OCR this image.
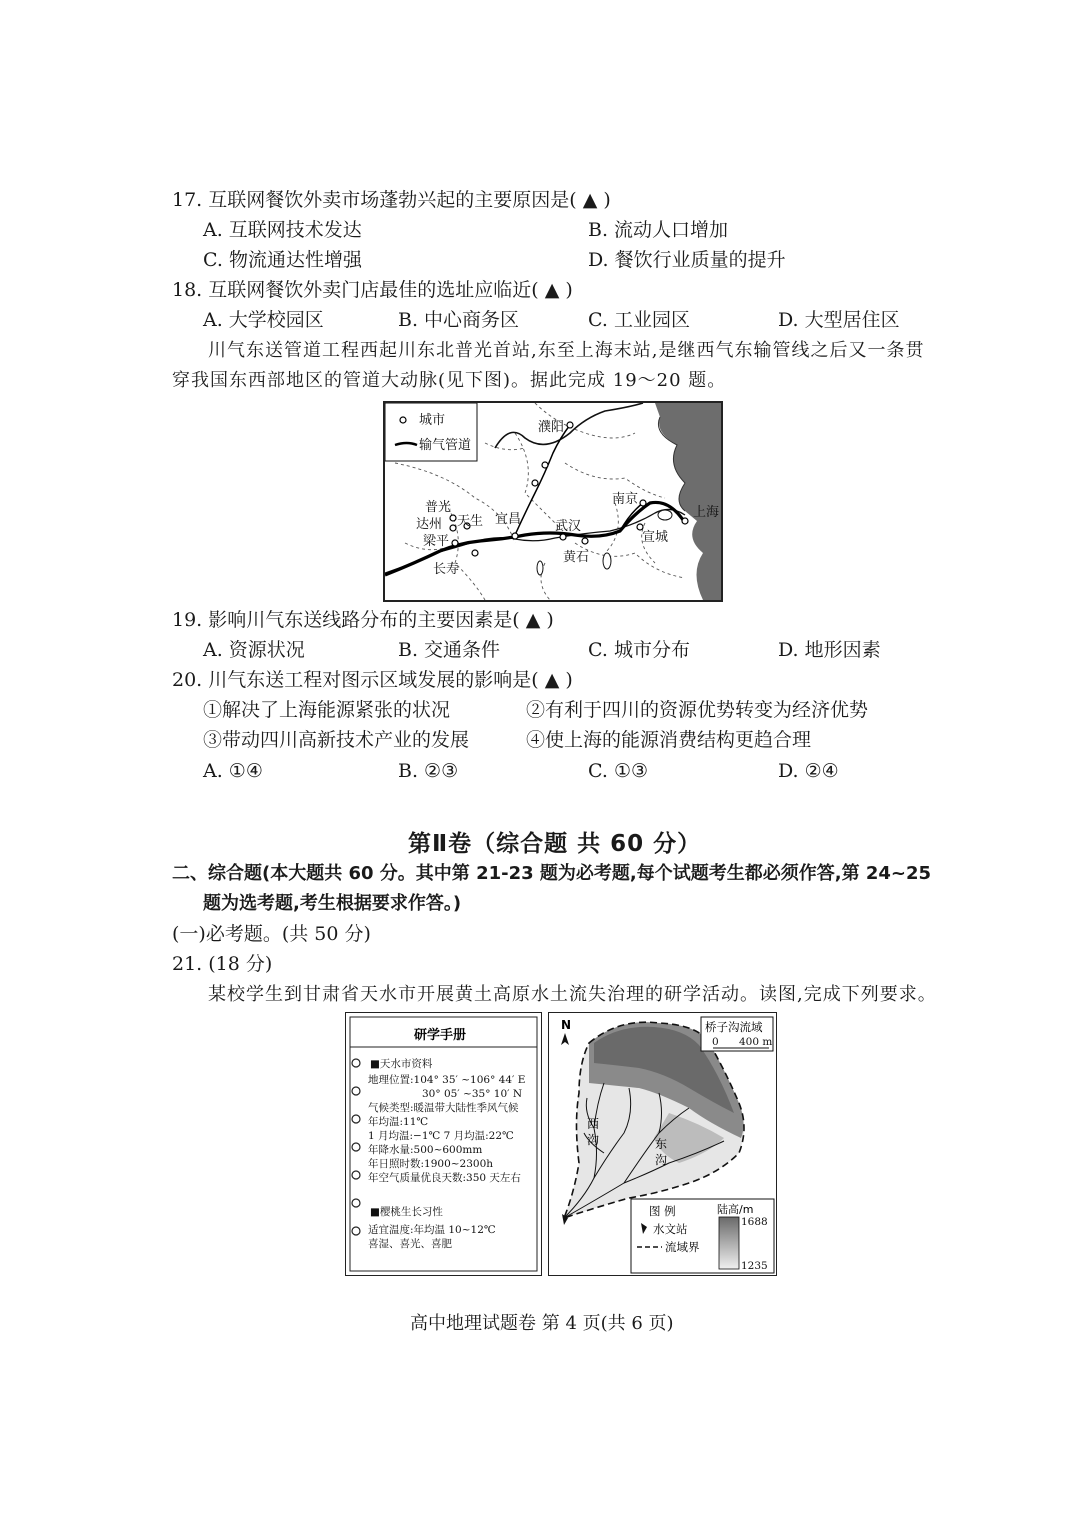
17. 互联网餐饮外卖市场蓬勃兴起的主要原因是( ▲ )
A. 互联网技术发达	B. 流动人口增加
C. 物流通达性增强	D. 餐饮行业质量的提升
18. 互联网餐饮外卖门店最佳的选址应临近( ▲ )
A. 大学校园区	B. 中心商务区	C. 工业园区	D. 大型居住区
川气东送管道工程西起川东北普光首站,东至上海末站,是继西气东输管线之后又一条贯
穿我国东西部地区的管道大动脉(见下图)。据此完成 19～20 题。
城市
输气管道
濮阳
南京
上海
普光
达州 天生 宜昌	武汉
梁平	宣城
黄石
长寿
19. 影响川气东送线路分布的主要因素是( ▲ )
A. 资源状况	B. 交通条件	C. 城市分布	D. 地形因素
20. 川气东送工程对图示区域发展的影响是( ▲ )
①解决了上海能源紧张的状况	②有利于四川的资源优势转变为经济优势
③带动四川高新技术产业的发展	④使上海的能源消费结构更趋合理
A. ①④	B. ②③	C. ①③	D. ②④
第Ⅱ卷（综合题 共 60 分）
二、综合题(本大题共 60 分。其中第 21-23 题为必考题,每个试题考生都必须作答,第 24~25
题为选考题,考生根据要求作答。)
(一)必考题。(共 50 分)
21. (18 分)
某校学生到甘肃省天水市开展黄土高原水土流失治理的研学活动。读图,完成下列要求。
研学手册
■天水市资料
地理位置:104° 35′ ~106° 44′ E
30° 05′ ~35° 10′ N
气候类型:暖温带大陆性季风气候
年均温:11℃
1 月均温:−1℃ 7 月均温:22℃
年降水量:500~600mm
年日照时数:1900~2300h
年空气质量优良天数:350 天左右
■樱桃生长习性
适宜温度:年均温 10~12℃
喜湿、喜光、喜肥
N	桥子沟流域
0 400 m
西
沟	东
沟
图 例	陆高/m
水文站
流域界
1688
1235
高中地理试题卷 第 4 页(共 6 页)
